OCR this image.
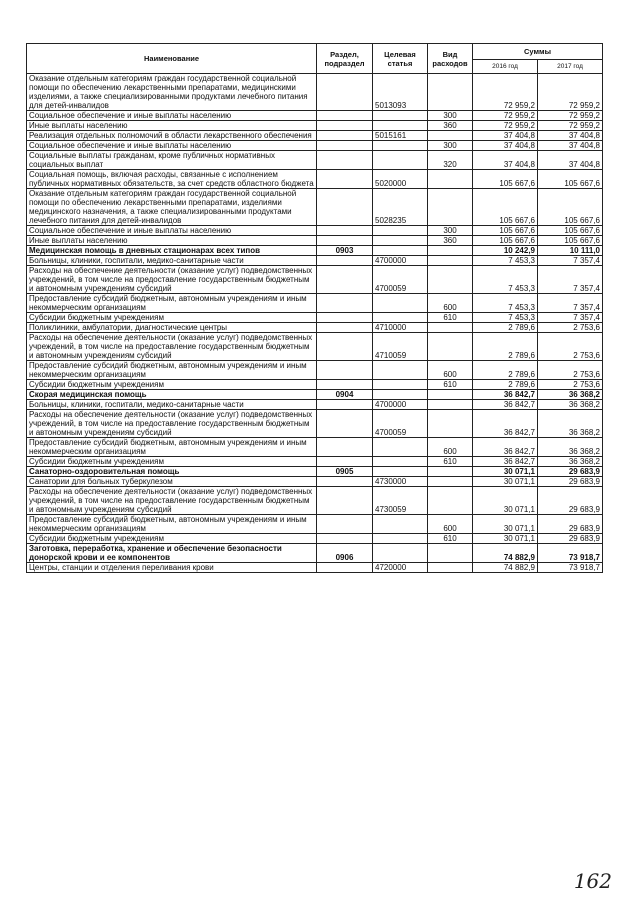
Наименование	Раздел, подраздел	Целевая статья	Вид расходов	Суммы	
				2016 год	2017 год
Оказание отдельным категориям граждан государственной социальной помощи по обеспечению лекарственными препаратами, медицинскими изделиями, а также специализированными продуктами лечебного питания для детей-инвалидов		5013093		72 959,2	72 959,2
Социальное обеспечение и иные выплаты населению			300	72 959,2	72 959,2
Иные выплаты населению			360	72 959,2	72 959,2
Реализация отдельных полномочий в области лекарственного обеспечения		5015161		37 404,8	37 404,8
Социальное обеспечение и иные выплаты населению			300	37 404,8	37 404,8
Социальные выплаты гражданам, кроме публичных нормативных социальных выплат			320	37 404,8	37 404,8
Социальная помощь, включая расходы, связанные с исполнением публичных нормативных обязательств, за счет средств областного бюджета		5020000		105 667,6	105 667,6
Оказание отдельным категориям граждан государственной социальной помощи по обеспечению лекарственными препаратами, изделиями медицинского назначения, а также специализированными продуктами лечебного питания для детей-инвалидов		5028235		105 667,6	105 667,6
Социальное обеспечение и иные выплаты населению			300	105 667,6	105 667,6
Иные выплаты населению			360	105 667,6	105 667,6
Медицинская помощь в дневных стационарах всех типов	0903			10 242,9	10 111,0
Больницы, клиники, госпитали, медико-санитарные части		4700000		7 453,3	7 357,4
Расходы на обеспечение деятельности (оказание услуг) подведомственных учреждений, в том числе на предоставление государственным бюджетным и автономным учреждениям субсидий		4700059		7 453,3	7 357,4
Предоставление субсидий бюджетным, автономным учреждениям и иным некоммерческим организациям			600	7 453,3	7 357,4
Субсидии бюджетным учреждениям			610	7 453,3	7 357,4
Поликлиники, амбулатории, диагностические центры		4710000		2 789,6	2 753,6
Расходы на обеспечение деятельности (оказание услуг) подведомственных учреждений, в том числе на предоставление государственным бюджетным и автономным учреждениям субсидий		4710059		2 789,6	2 753,6
Предоставление субсидий бюджетным, автономным учреждениям и иным некоммерческим организациям			600	2 789,6	2 753,6
Субсидии бюджетным учреждениям			610	2 789,6	2 753,6
Скорая медицинская помощь	0904			36 842,7	36 368,2
Больницы, клиники, госпитали, медико-санитарные части		4700000		36 842,7	36 368,2
Расходы на обеспечение деятельности (оказание услуг) подведомственных учреждений, в том числе на предоставление государственным бюджетным и автономным учреждениям субсидий		4700059		36 842,7	36 368,2
Предоставление субсидий бюджетным, автономным учреждениям и иным некоммерческим организациям			600	36 842,7	36 368,2
Субсидии бюджетным учреждениям			610	36 842,7	36 368,2
Санаторно-оздоровительная помощь	0905			30 071,1	29 683,9
Санатории для больных туберкулезом		4730000		30 071,1	29 683,9
Расходы на обеспечение деятельности (оказание услуг) подведомственных учреждений, в том числе на предоставление государственным бюджетным и автономным учреждениям субсидий		4730059		30 071,1	29 683,9
Предоставление субсидий бюджетным, автономным учреждениям и иным некоммерческим организациям			600	30 071,1	29 683,9
Субсидии бюджетным учреждениям			610	30 071,1	29 683,9
Заготовка, переработка, хранение и обеспечение безопасности донорской крови и ее компонентов	0906			74 882,9	73 918,7
Центры, станции и отделения переливания крови		4720000		74 882,9	73 918,7
162
